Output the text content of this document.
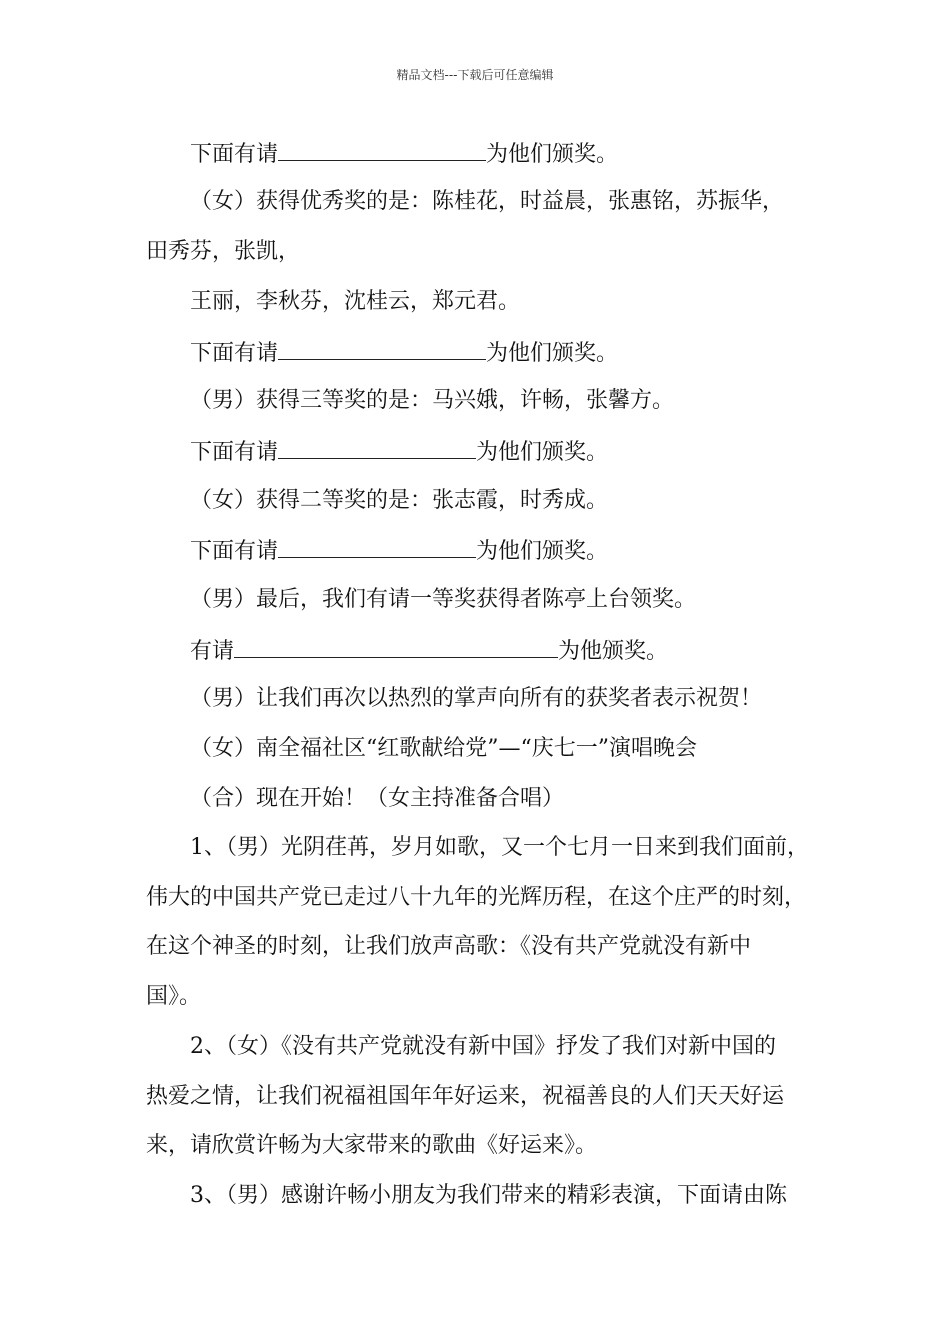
精品文档---下载后可任意编辑
下面有请	为他们颁奖。
（女）获得优秀奖的是：陈桂花，时益晨，张惠铭，苏振华，
田秀芬，张凯，
王丽，李秋芬，沈桂云，郑元君。
下面有请	为他们颁奖。
（男）获得三等奖的是：马兴娥，许畅，张馨方。
下面有请	为他们颁奖。
（女）获得二等奖的是：张志霞，时秀成。
下面有请	为他们颁奖。
（男）最后，我们有请一等奖获得者陈亭上台领奖。
有请	为他颁奖。
（男）让我们再次以热烈的掌声向所有的获奖者表示祝贺！
（女）南全福社区“红歌献给党”—“庆七一”演唱晚会
（合）现在开始！（女主持准备合唱）
1、（男）光阴荏苒，岁月如歌，又一个七月一日来到我们面前，
伟大的中国共产党已走过八十九年的光辉历程，在这个庄严的时刻，
在这个神圣的时刻，让我们放声高歌：《没有共产党就没有新中
国》。
2、（女）《没有共产党就没有新中国》抒发了我们对新中国的
热爱之情，让我们祝福祖国年年好运来，祝福善良的人们天天好运
来，请欣赏许畅为大家带来的歌曲《好运来》。
3、（男）感谢许畅小朋友为我们带来的精彩表演，下面请由陈
